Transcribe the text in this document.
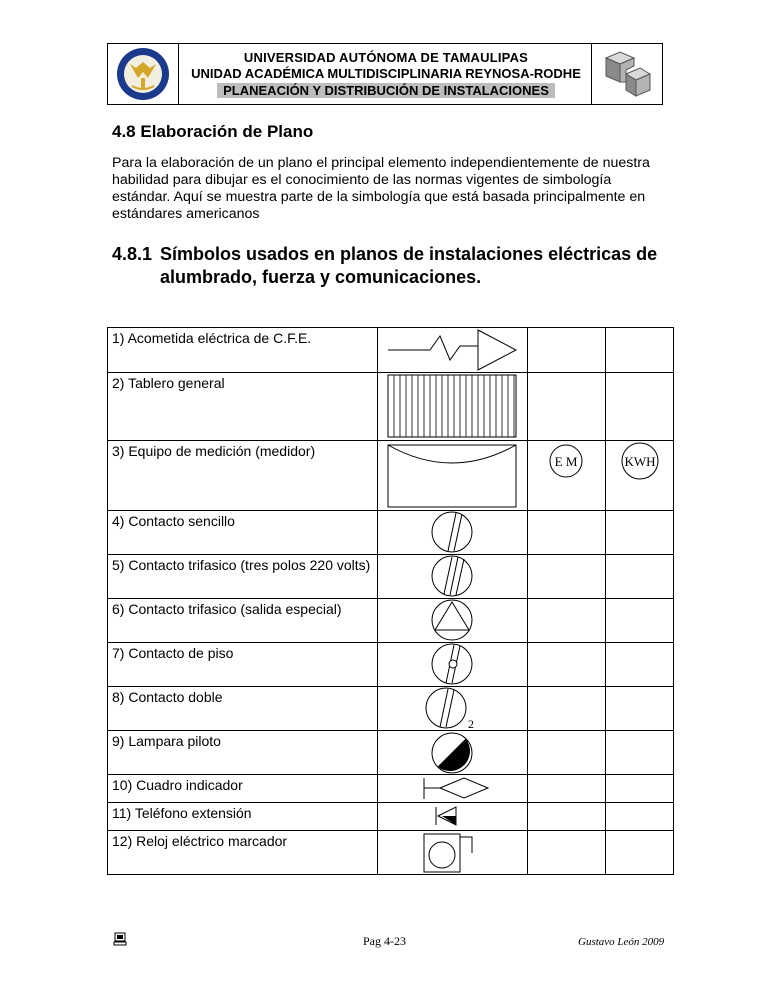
UNIVERSIDAD AUTÓNOMA DE TAMAULIPAS
UNIDAD ACADÉMICA MULTIDISCIPLINARIA REYNOSA-RODHE
PLANEACIÓN Y DISTRIBUCIÓN DE INSTALACIONES
4.8 Elaboración de Plano
Para la elaboración de un plano el principal elemento independientemente de nuestra habilidad para dibujar es el conocimiento de las normas vigentes de simbología estándar. Aquí se muestra parte de la simbología que está basada principalmente en estándares americanos
4.8.1 Símbolos usados en planos de instalaciones eléctricas de
alumbrado, fuerza y comunicaciones.
1) Acometida eléctrica de C.F.E.	

2) Tablero general	

3) Equipo de medición (medidor)		E M	KWH

4) Contacto sencillo	

5) Contacto trifasico (tres polos 220 volts)	

6) Contacto trifasico (salida especial)	

7) Contacto de piso	

8) Contacto doble	2		

9) Lampara piloto	

10) Cuadro indicador	

11) Teléfono extensión	

12) Reloj eléctrico marcador	

Pag 4-23	Gustavo León 2009
